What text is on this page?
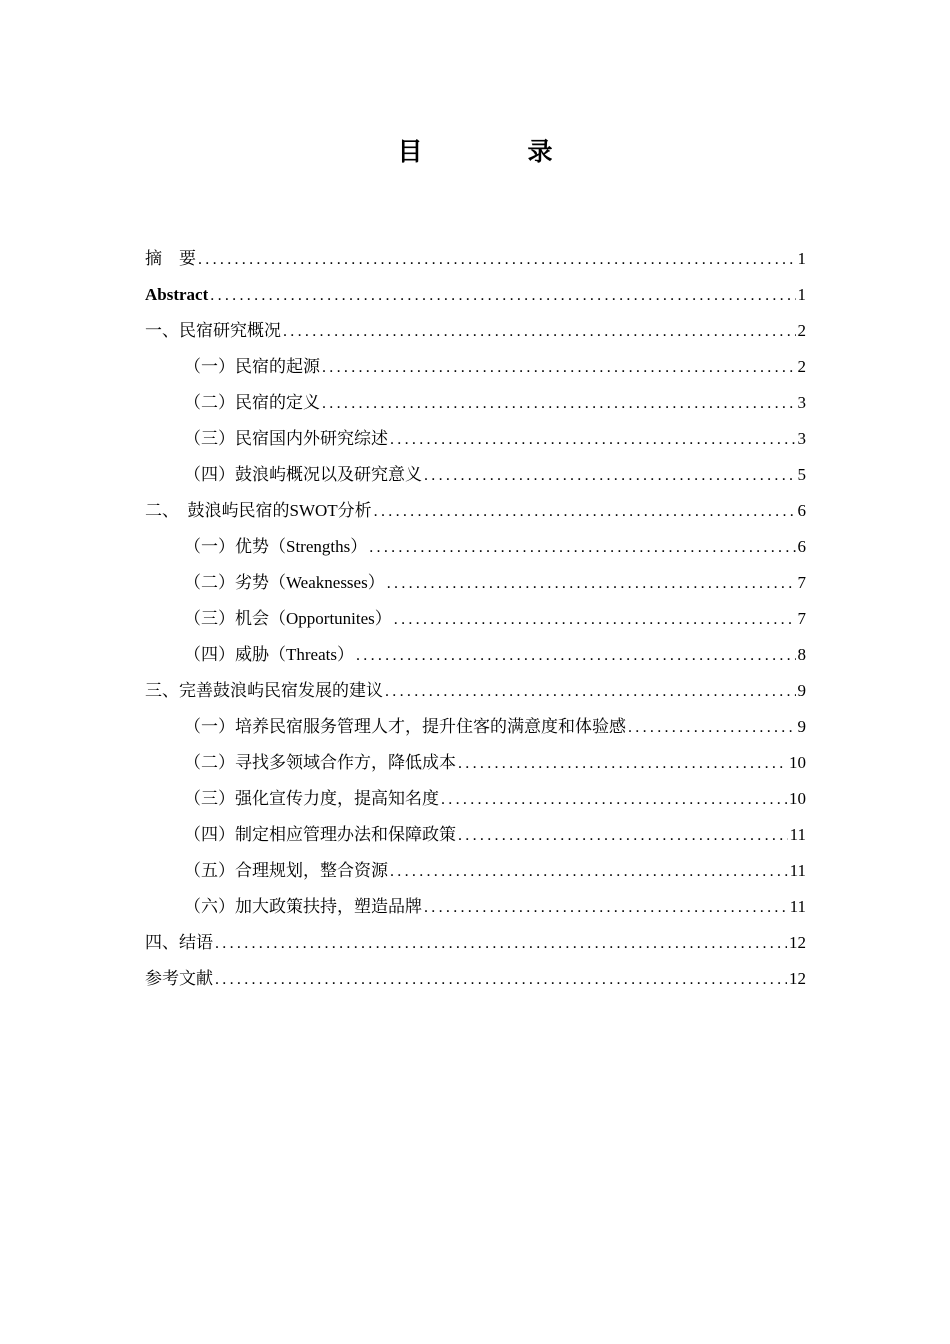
目　录
摘　要 .....	1
Abstract .....	1
一、民宿研究概况 .....	2
（一）民宿的起源 .....	2
（二）民宿的定义 .....	3
（三）民宿国内外研究综述 .....	3
（四）鼓浪屿概况以及研究意义 .....	5
二、　鼓浪屿民宿的SWOT分析 .....	6
（一）优势（Strengths） .....	6
（二）劣势（Weaknesses） .....	7
（三）机会（Opportunites） .....	7
（四）威胁（Threats） .....	8
三、完善鼓浪屿民宿发展的建议 .....	9
（一）培养民宿服务管理人才，提升住客的满意度和体验感 .....	9
（二）寻找多领域合作方，降低成本 .....	10
（三）强化宣传力度，提高知名度 .....	10
（四）制定相应管理办法和保障政策 .....	11
（五）合理规划，整合资源 .....	11
（六）加大政策扶持，塑造品牌 .....	11
四、结语 .....	12
参考文献 .....	12
